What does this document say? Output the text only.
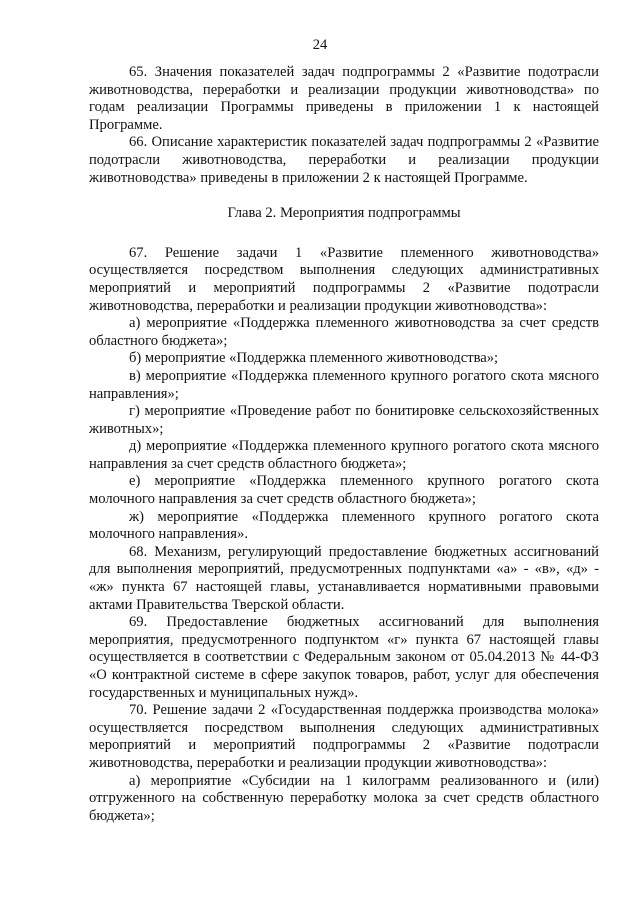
24

65. Значения показателей задач подпрограммы 2 «Развитие подотрасли животноводства, переработки и реализации продукции животноводства» по годам реализации Программы приведены в приложении 1 к настоящей Программе.

66. Описание характеристик показателей задач подпрограммы 2 «Развитие подотрасли животноводства, переработки и реализации продукции животноводства» приведены в приложении 2 к настоящей Программе.

Глава 2. Мероприятия подпрограммы

67. Решение задачи 1 «Развитие племенного животноводства» осуществляется посредством выполнения следующих административных мероприятий и мероприятий подпрограммы 2 «Развитие подотрасли животноводства, переработки и реализации продукции животноводства»:

а) мероприятие «Поддержка племенного животноводства за счет средств областного бюджета»;

б) мероприятие «Поддержка племенного животноводства»;

в) мероприятие «Поддержка племенного крупного рогатого скота мясного направления»;

г) мероприятие «Проведение работ по бонитировке сельскохозяйственных животных»;

д) мероприятие «Поддержка племенного крупного рогатого скота мясного направления за счет средств областного бюджета»;

е) мероприятие «Поддержка племенного крупного рогатого скота молочного направления за счет средств областного бюджета»;

ж) мероприятие «Поддержка племенного крупного рогатого скота молочного направления».

68. Механизм, регулирующий предоставление бюджетных ассигнований для выполнения мероприятий, предусмотренных подпунктами «а» - «в», «д» - «ж» пункта 67 настоящей главы, устанавливается нормативными правовыми актами Правительства Тверской области.

69. Предоставление бюджетных ассигнований для выполнения мероприятия, предусмотренного подпунктом «г» пункта 67 настоящей главы осуществляется в соответствии с Федеральным законом от 05.04.2013 № 44-ФЗ «О контрактной системе в сфере закупок товаров, работ, услуг для обеспечения государственных и муниципальных нужд».

70. Решение задачи 2 «Государственная поддержка производства молока» осуществляется посредством выполнения следующих административных мероприятий и мероприятий подпрограммы 2 «Развитие подотрасли животноводства, переработки и реализации продукции животноводства»:

а) мероприятие «Субсидии на 1 килограмм реализованного и (или) отгруженного на собственную переработку молока за счет средств областного бюджета»;
